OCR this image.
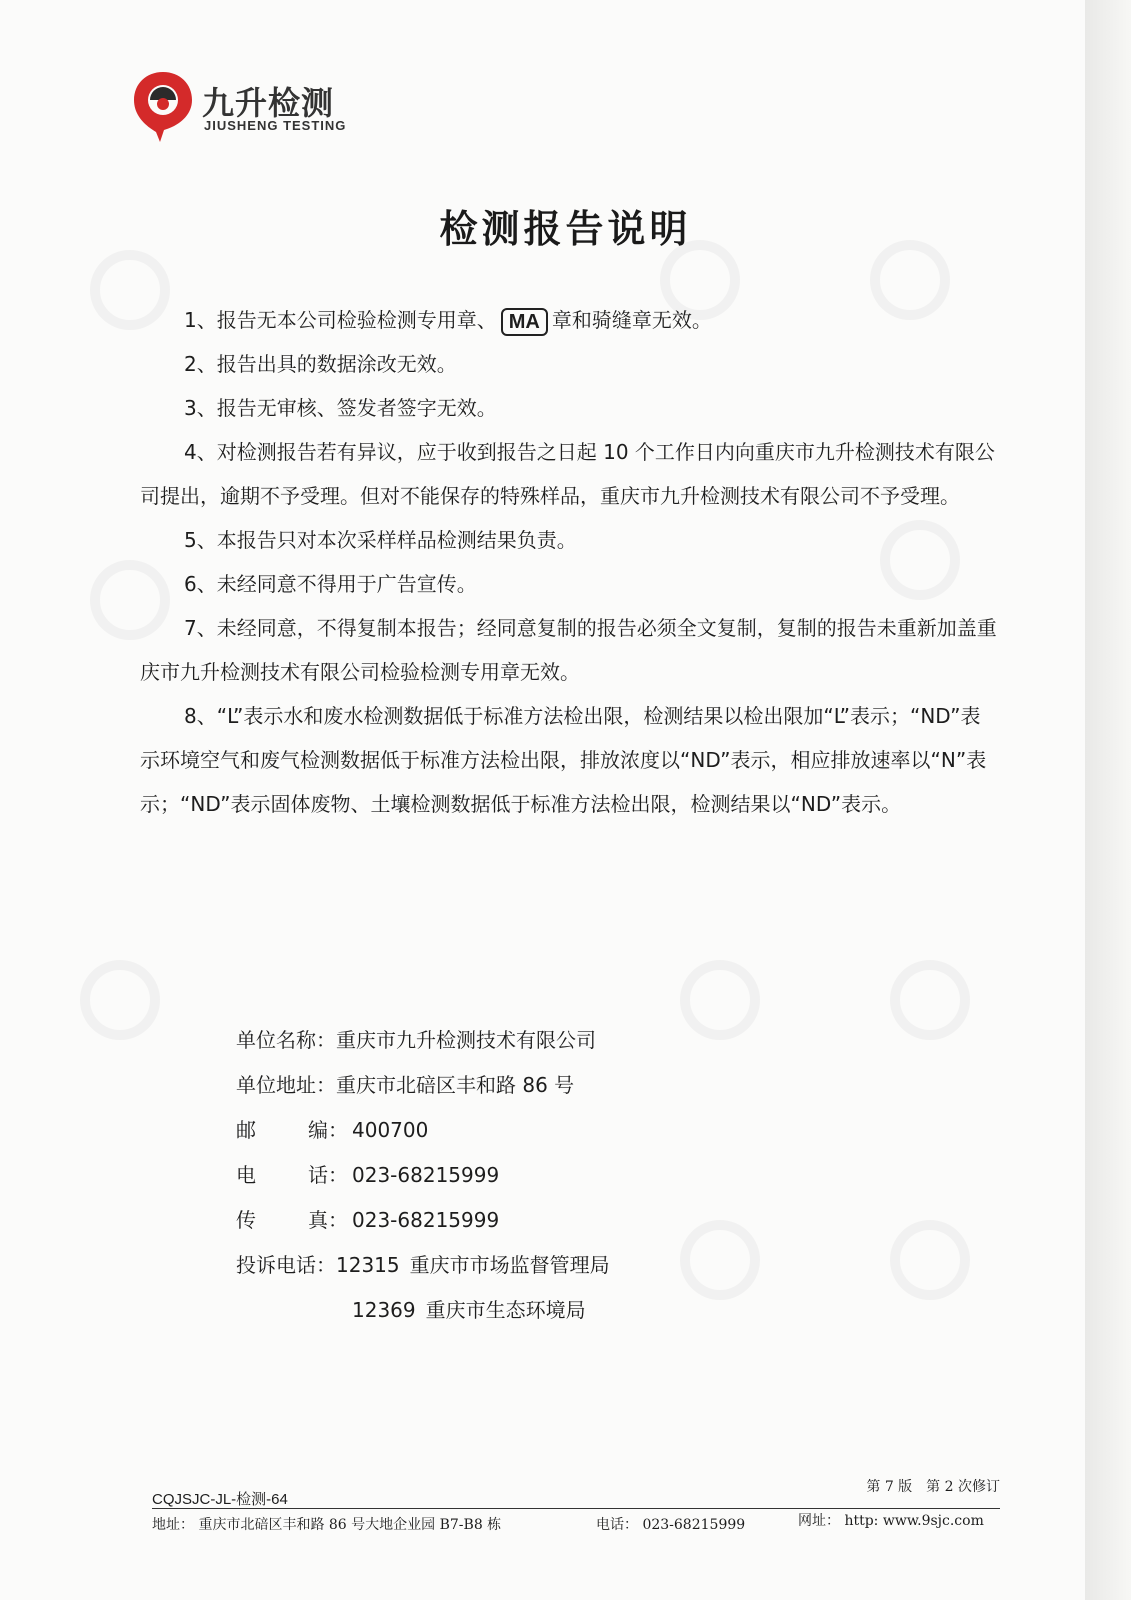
九升检测
JIUSHENG TESTING
检测报告说明

1、报告无本公司检验检测专用章、 MA 章和骑缝章无效。

2、报告出具的数据涂改无效。

3、报告无审核、签发者签字无效。

4、对检测报告若有异议，应于收到报告之日起 10 个工作日内向重庆市九升检测技术有限公司提出，逾期不予受理。但对不能保存的特殊样品，重庆市九升检测技术有限公司不予受理。

5、本报告只对本次采样样品检测结果负责。

6、未经同意不得用于广告宣传。

7、未经同意，不得复制本报告；经同意复制的报告必须全文复制，复制的报告未重新加盖重庆市九升检测技术有限公司检验检测专用章无效。

8、“L”表示水和废水检测数据低于标准方法检出限，检测结果以检出限加“L”表示；“ND”表示环境空气和废气检测数据低于标准方法检出限，排放浓度以“ND”表示，相应排放速率以“N”表示；“ND”表示固体废物、土壤检测数据低于标准方法检出限，检测结果以“ND”表示。

单位名称： 重庆市九升检测技术有限公司
单位地址： 重庆市北碚区丰和路 86 号
邮	编： 400700
电	话： 023-68215999
传	真： 023-68215999
投诉电话： 12315 重庆市市场监督管理局
12369 重庆市生态环境局
CQJSJC-JL-检测-64
第 7 版　第 2 次修订
地址： 重庆市北碚区丰和路 86 号大地企业园 B7-B8 栋	电话： 023-68215999	网址： http: www.9sjc.com
